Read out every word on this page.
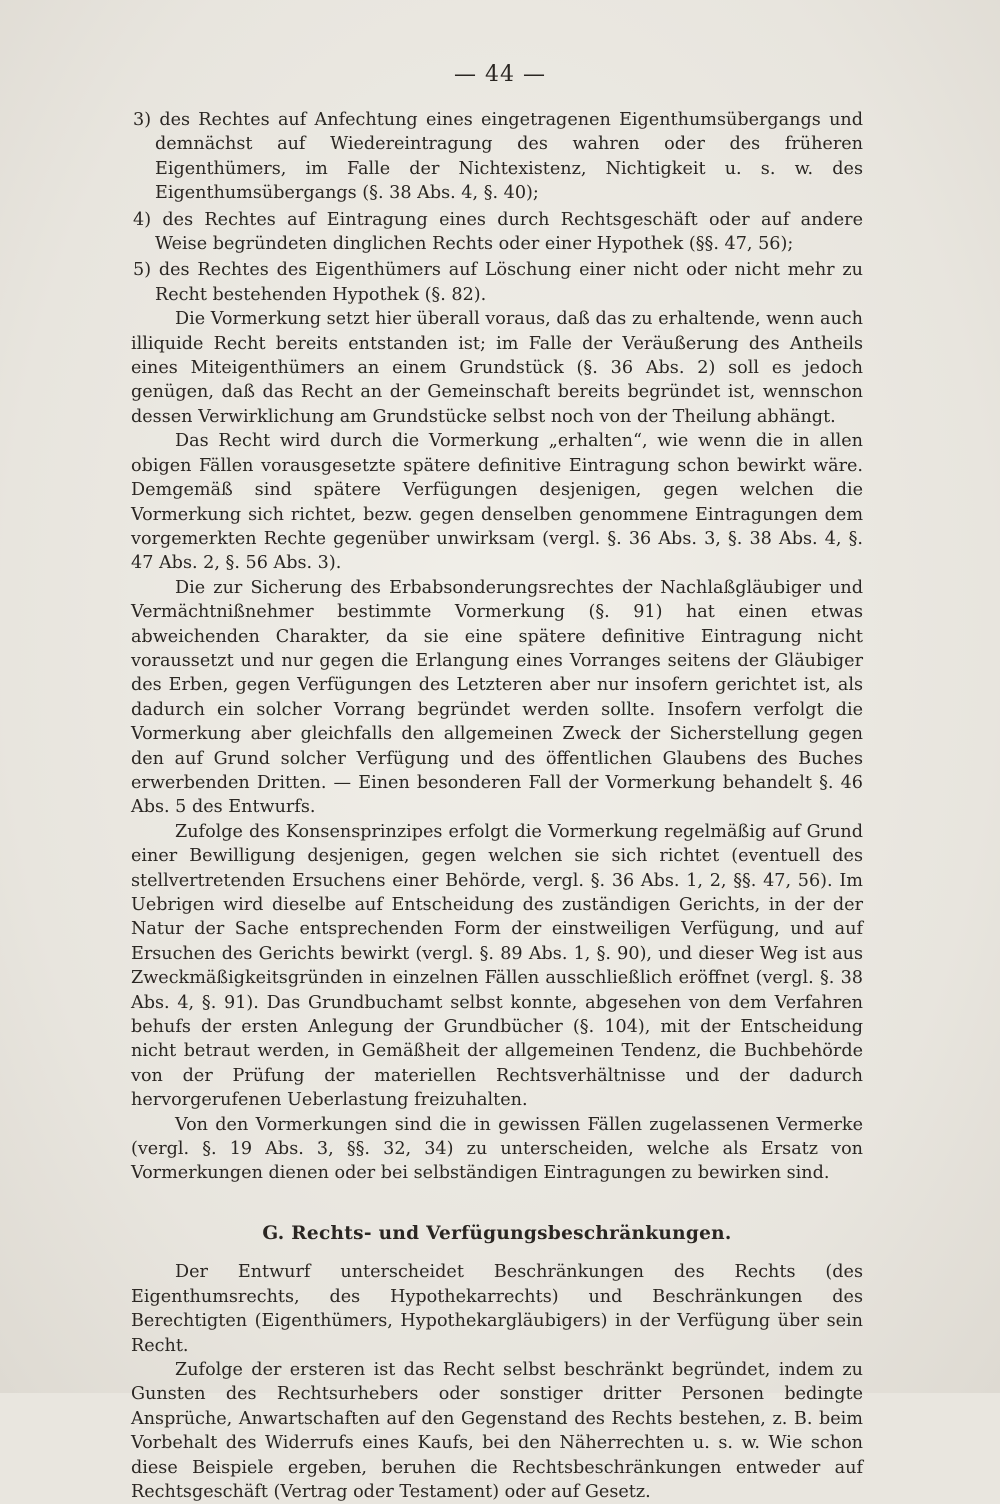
— 44 —

3) des Rechtes auf Anfechtung eines eingetragenen Eigenthumsübergangs und demnächst auf Wiedereintragung des wahren oder des früheren Eigenthümers, im Falle der Nichtexistenz, Nichtigkeit u. s. w. des Eigenthumsübergangs (§. 38 Abs. 4, §. 40);

4) des Rechtes auf Eintragung eines durch Rechtsgeschäft oder auf andere Weise begründeten dinglichen Rechts oder einer Hypothek (§§. 47, 56);

5) des Rechtes des Eigenthümers auf Löschung einer nicht oder nicht mehr zu Recht bestehenden Hypothek (§. 82).

Die Vormerkung setzt hier überall voraus, daß das zu erhaltende, wenn auch illiquide Recht bereits entstanden ist; im Falle der Veräußerung des Antheils eines Miteigenthümers an einem Grundstück (§. 36 Abs. 2) soll es jedoch genügen, daß das Recht an der Gemeinschaft bereits begründet ist, wennschon dessen Verwirklichung am Grundstücke selbst noch von der Theilung abhängt.

Das Recht wird durch die Vormerkung „erhalten“, wie wenn die in allen obigen Fällen vorausgesetzte spätere definitive Eintragung schon bewirkt wäre. Demgemäß sind spätere Verfügungen desjenigen, gegen welchen die Vormerkung sich richtet, bezw. gegen denselben genommene Eintragungen dem vorgemerkten Rechte gegenüber unwirksam (vergl. §. 36 Abs. 3, §. 38 Abs. 4, §. 47 Abs. 2, §. 56 Abs. 3).

Die zur Sicherung des Erbabsonderungsrechtes der Nachlaßgläubiger und Vermächtnißnehmer bestimmte Vormerkung (§. 91) hat einen etwas abweichenden Charakter, da sie eine spätere definitive Eintragung nicht voraussetzt und nur gegen die Erlangung eines Vorranges seitens der Gläubiger des Erben, gegen Verfügungen des Letzteren aber nur insofern gerichtet ist, als dadurch ein solcher Vorrang begründet werden sollte. Insofern verfolgt die Vormerkung aber gleichfalls den allgemeinen Zweck der Sicherstellung gegen den auf Grund solcher Verfügung und des öffentlichen Glaubens des Buches erwerbenden Dritten. — Einen besonderen Fall der Vormerkung behandelt §. 46 Abs. 5 des Entwurfs.

Zufolge des Konsensprinzipes erfolgt die Vormerkung regelmäßig auf Grund einer Bewilligung desjenigen, gegen welchen sie sich richtet (eventuell des stellvertretenden Ersuchens einer Behörde, vergl. §. 36 Abs. 1, 2, §§. 47, 56). Im Uebrigen wird dieselbe auf Entscheidung des zuständigen Gerichts, in der der Natur der Sache entsprechenden Form der einstweiligen Verfügung, und auf Ersuchen des Gerichts bewirkt (vergl. §. 89 Abs. 1, §. 90), und dieser Weg ist aus Zweckmäßigkeitsgründen in einzelnen Fällen ausschließlich eröffnet (vergl. §. 38 Abs. 4, §. 91). Das Grundbuchamt selbst konnte, abgesehen von dem Verfahren behufs der ersten Anlegung der Grundbücher (§. 104), mit der Entscheidung nicht betraut werden, in Gemäßheit der allgemeinen Tendenz, die Buchbehörde von der Prüfung der materiellen Rechtsverhältnisse und der dadurch hervorgerufenen Ueberlastung freizuhalten.

Von den Vormerkungen sind die in gewissen Fällen zugelassenen Vermerke (vergl. §. 19 Abs. 3, §§. 32, 34) zu unterscheiden, welche als Ersatz von Vormerkungen dienen oder bei selbständigen Eintragungen zu bewirken sind.

G. Rechts- und Verfügungsbeschränkungen.

Der Entwurf unterscheidet Beschränkungen des Rechts (des Eigenthumsrechts, des Hypothekarrechts) und Beschränkungen des Berechtigten (Eigenthümers, Hypothekargläubigers) in der Verfügung über sein Recht.

Zufolge der ersteren ist das Recht selbst beschränkt begründet, indem zu Gunsten des Rechtsurhebers oder sonstiger dritter Personen bedingte Ansprüche, Anwartschaften auf den Gegenstand des Rechts bestehen, z. B. beim Vorbehalt des Widerrufs eines Kaufs, bei den Näherrechten u. s. w. Wie schon diese Beispiele ergeben, beruhen die Rechtsbeschränkungen entweder auf Rechtsgeschäft (Vertrag oder Testament) oder auf Gesetz.
